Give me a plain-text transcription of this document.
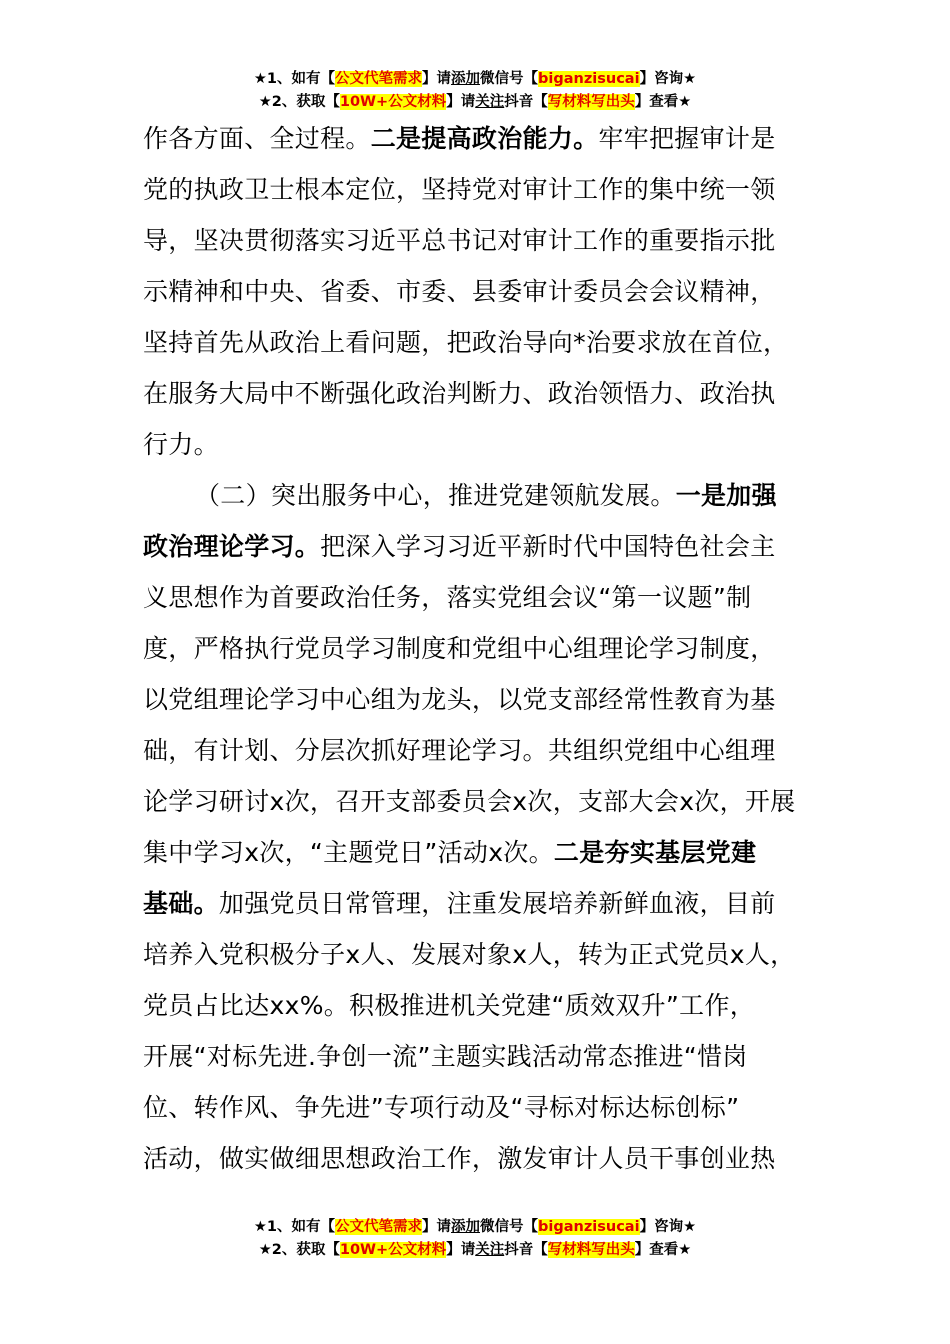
★1、如有【公文代笔需求】请添加微信号【biganzisucai】咨询★
★2、获取【10W+公文材料】请关注抖音【写材料写出头】查看★
作各方面、全过程。二是提高政治能力。牢牢把握审计是
党的执政卫士根本定位，坚持党对审计工作的集中统一领
导，坚决贯彻落实习近平总书记对审计工作的重要指示批
示精神和中央、省委、市委、县委审计委员会会议精神，
坚持首先从政治上看问题，把政治导向*治要求放在首位，
在服务大局中不断强化政治判断力、政治领悟力、政治执
行力。
（二）突出服务中心，推进党建领航发展。一是加强
政治理论学习。把深入学习习近平新时代中国特色社会主
义思想作为首要政治任务，落实党组会议“第一议题”制
度，严格执行党员学习制度和党组中心组理论学习制度，
以党组理论学习中心组为龙头，以党支部经常性教育为基
础，有计划、分层次抓好理论学习。共组织党组中心组理
论学习研讨x次，召开支部委员会x次，支部大会x次，开展
集中学习x次，“主题党日”活动x次。二是夯实基层党建
基础。加强党员日常管理，注重发展培养新鲜血液，目前
培养入党积极分子x人、发展对象x人，转为正式党员x人，
党员占比达xx%。积极推进机关党建“质效双升”工作，
开展“对标先进.争创一流”主题实践活动常态推进“惜岗
位、转作风、争先进”专项行动及“寻标对标达标创标”
活动，做实做细思想政治工作，激发审计人员干事创业热
★1、如有【公文代笔需求】请添加微信号【biganzisucai】咨询★
★2、获取【10W+公文材料】请关注抖音【写材料写出头】查看★
